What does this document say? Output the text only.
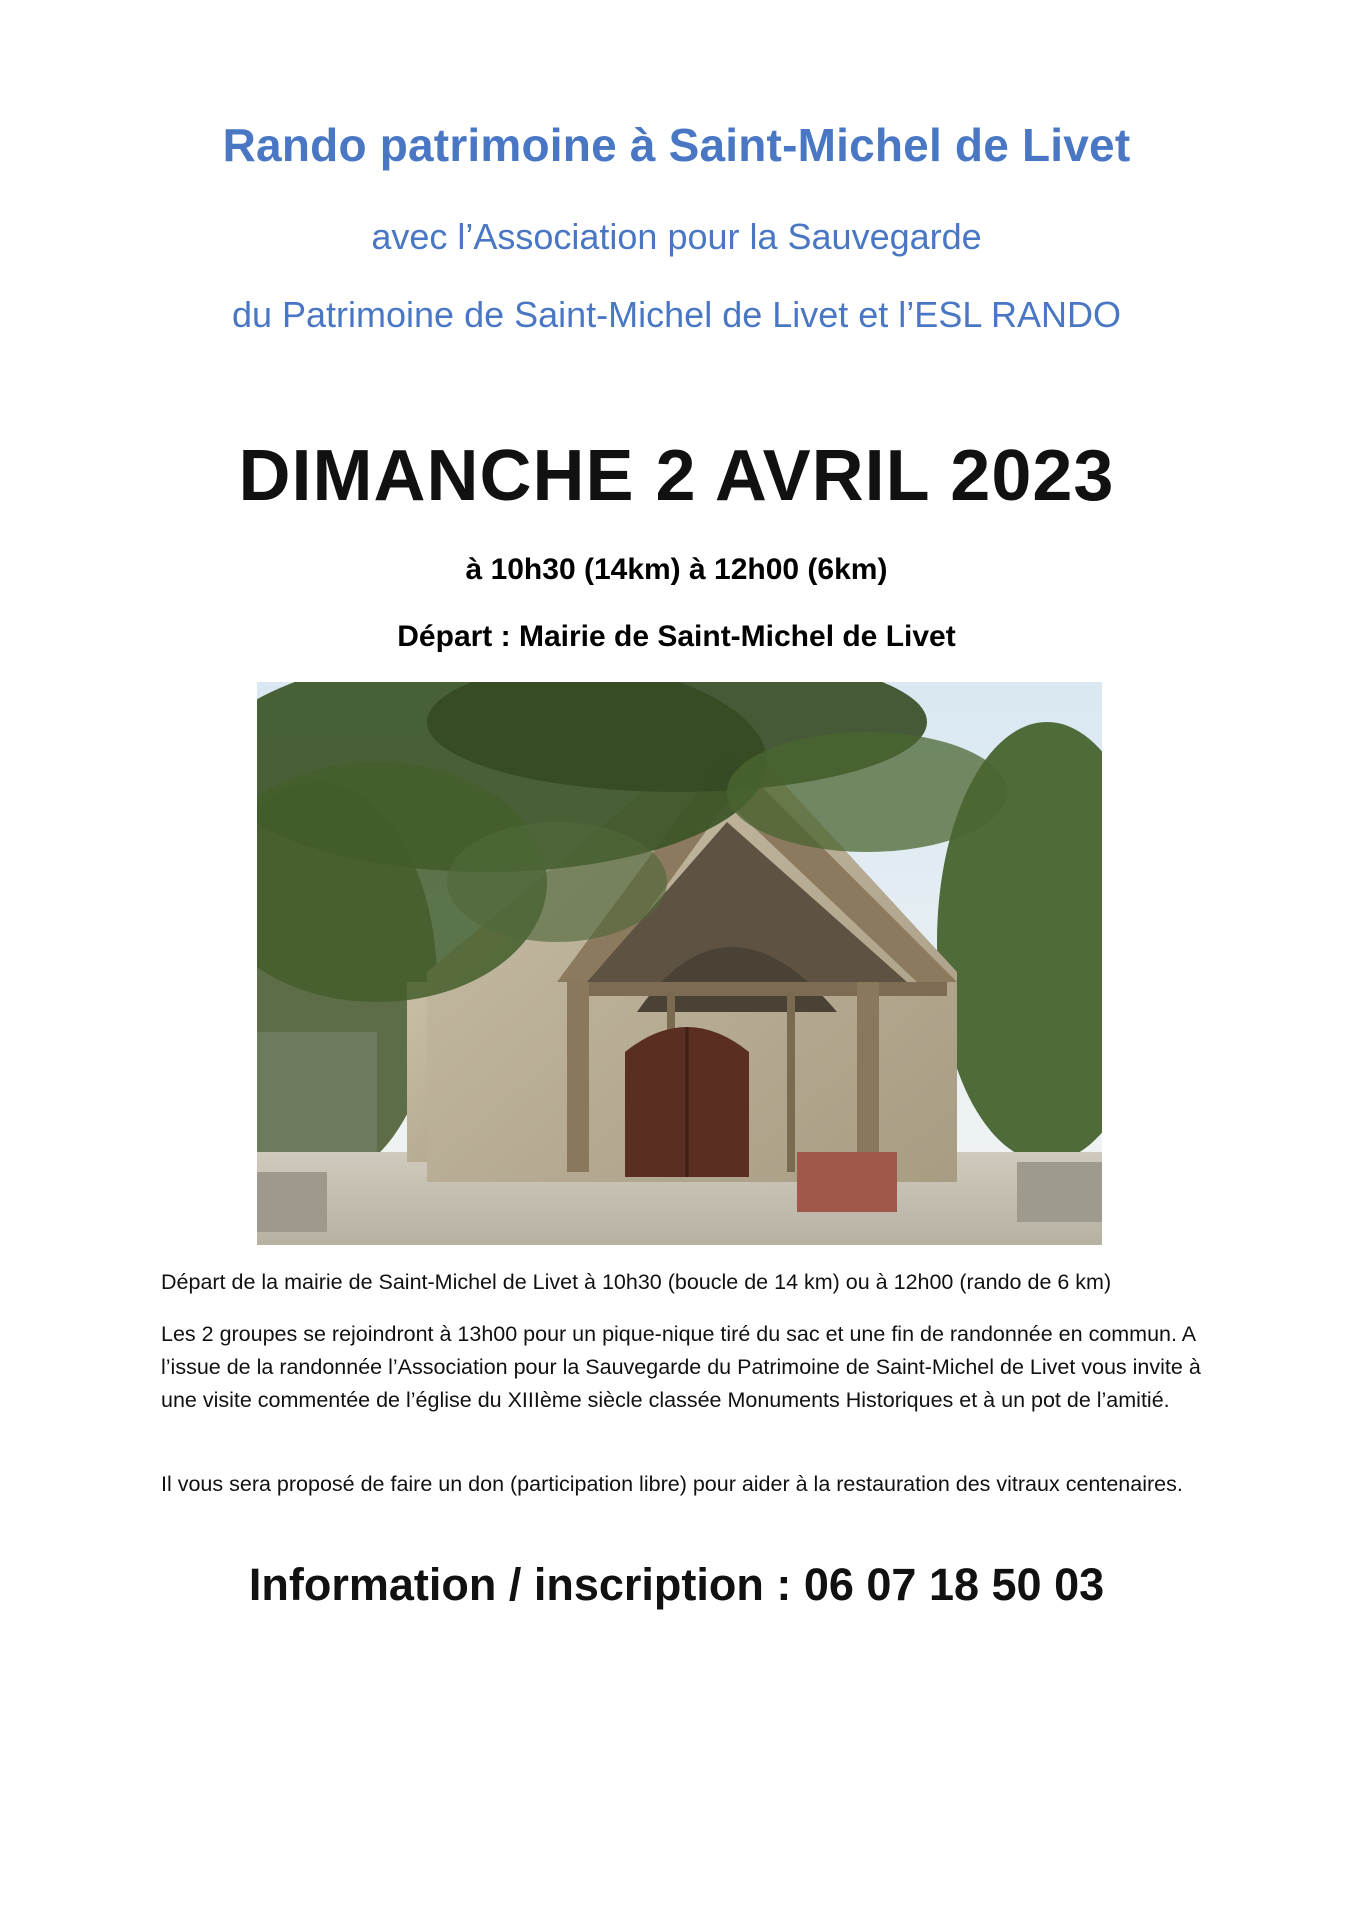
Rando patrimoine à Saint-Michel de Livet
avec l’Association pour la Sauvegarde
du Patrimoine de Saint-Michel de Livet et l’ESL RANDO
DIMANCHE 2 AVRIL 2023
à 10h30 (14km) à 12h00 (6km)
Départ : Mairie de Saint-Michel de Livet
Départ de la mairie de Saint-Michel de Livet à 10h30 (boucle de 14 km) ou à 12h00 (rando de 6 km)
Les 2 groupes se rejoindront à 13h00 pour un pique-nique tiré du sac et une fin de randonnée en commun. A l’issue de la randonnée l’Association pour la Sauvegarde du Patrimoine de Saint-Michel de Livet vous invite à une visite commentée de l’église du XIIIème siècle classée Monuments Historiques et à un pot de l’amitié.
Il vous sera proposé de faire un don (participation libre) pour aider à la restauration des vitraux centenaires.
Information / inscription : 06 07 18 50 03
